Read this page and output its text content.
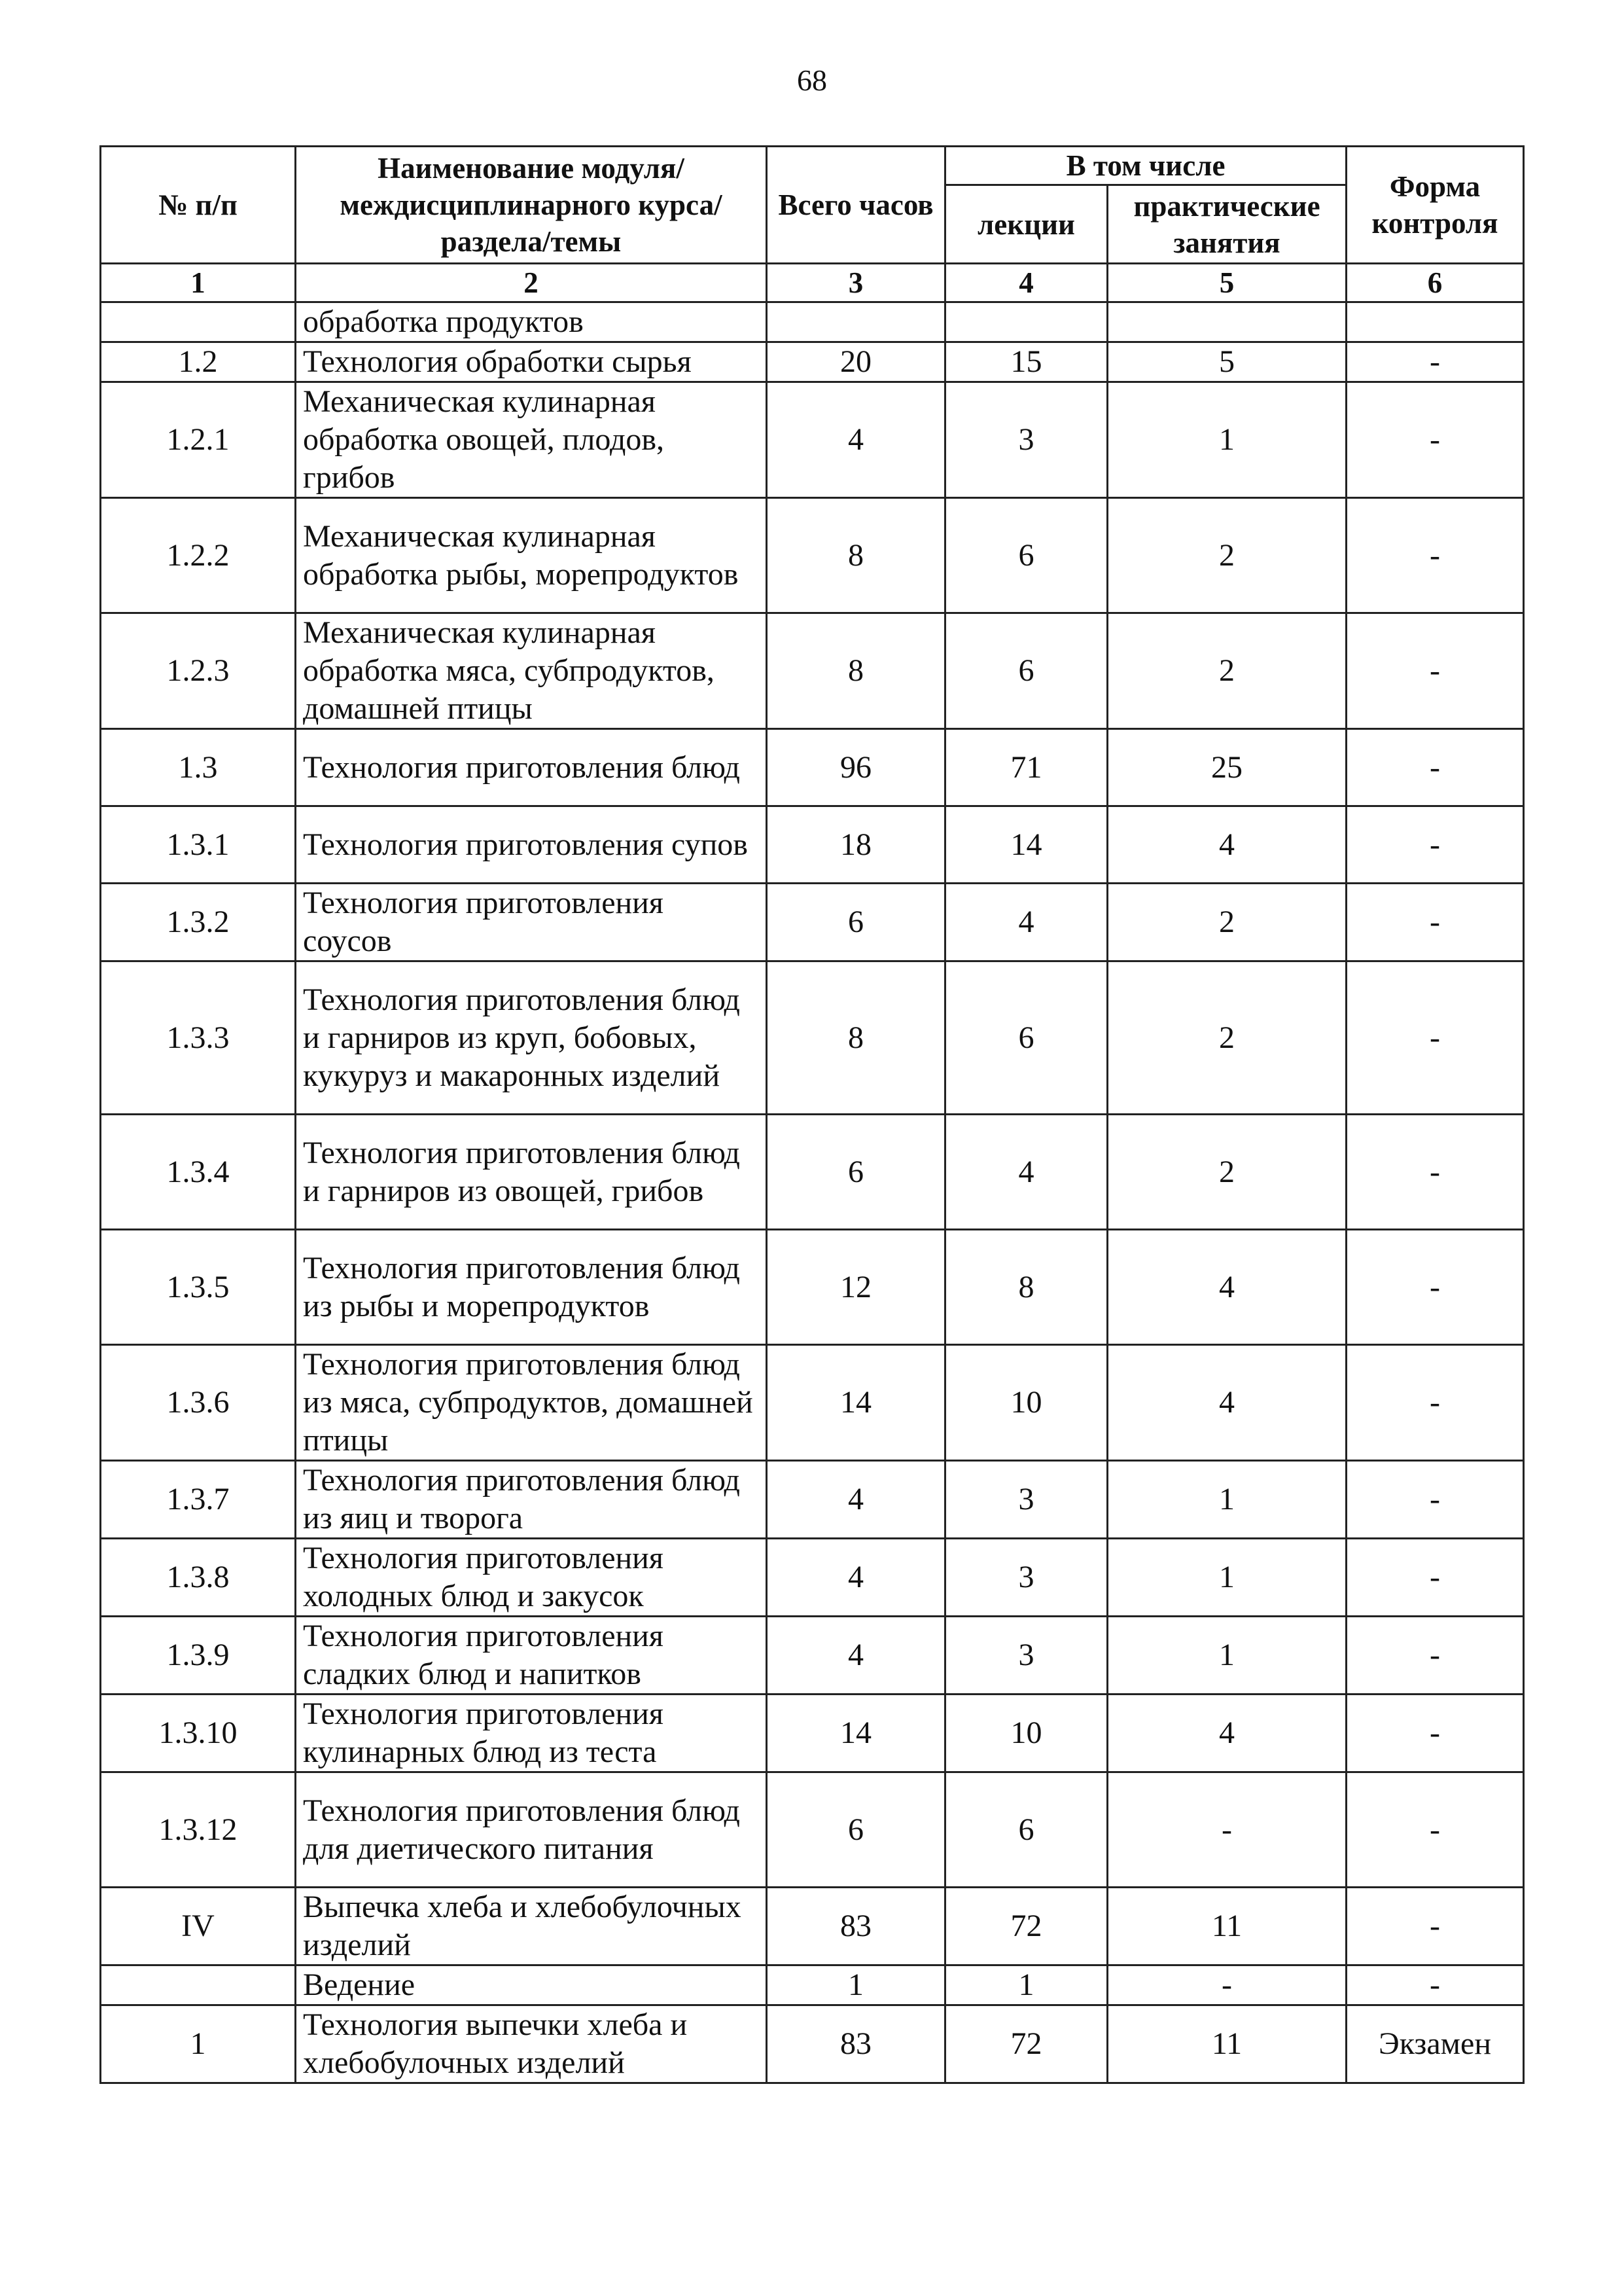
68
№ п/п	Наименование модуля/междисциплинарного курса/раздела/темы	Всего часов	В том числе		Форма контроля
			лекции	практические занятия	
1	2	3	4	5	6
	обработка продуктов				
1.2	Технология обработки сырья	20	15	5	-
1.2.1	Механическая кулинарная обработка овощей, плодов, грибов	4	3	1	-
1.2.2	Механическая кулинарная обработка рыбы, морепродуктов	8	6	2	-
1.2.3	Механическая кулинарная обработка мяса, субпродуктов, домашней птицы	8	6	2	-
1.3	Технология приготовления блюд	96	71	25	-
1.3.1	Технология приготовления супов	18	14	4	-
1.3.2	Технология приготовления соусов	6	4	2	-
1.3.3	Технология приготовления блюд и гарниров из круп, бобовых, кукуруз и макаронных изделий	8	6	2	-
1.3.4	Технология приготовления блюд и гарниров из овощей, грибов	6	4	2	-
1.3.5	Технология приготовления блюд из рыбы и морепродуктов	12	8	4	-
1.3.6	Технология приготовления блюд из мяса, субпродуктов, домашней птицы	14	10	4	-
1.3.7	Технология приготовления блюд из яиц и творога	4	3	1	-
1.3.8	Технология приготовления холодных блюд и закусок	4	3	1	-
1.3.9	Технология приготовления сладких блюд и напитков	4	3	1	-
1.3.10	Технология приготовления кулинарных блюд из теста	14	10	4	-
1.3.12	Технология приготовления блюд для диетического питания	6	6	-	-
IV	Выпечка хлеба и хлебобулочных изделий	83	72	11	-
	Ведение	1	1	-	-
1	Технология выпечки хлеба и хлебобулочных изделий	83	72	11	Экзамен
